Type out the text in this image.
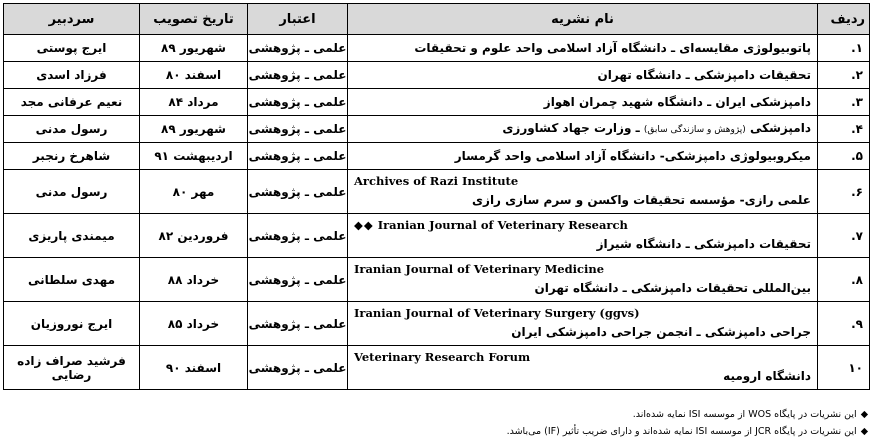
ردیف	نام نشریه	اعتبار	تاریخ تصویب	سردبیر
۱.	پاتوبیولوژی مقایسه‌ای ـ دانشگاه آزاد اسلامی واحد علوم و تحقیقات	علمی ـ پژوهشی	شهریور ۸۹	ایرج پوستی
۲.	تحقیقات دامپزشکی ـ دانشگاه تهران	علمی ـ پژوهشی	اسفند ۸۰	فرزاد اسدی
۳.	دامپزشکی ایران ـ دانشگاه شهید چمران اهواز	علمی ـ پژوهشی	مرداد ۸۴	نعیم عرفانی مجد
۴.	دامپزشکی (پژوهش و سازندگی سابق) ـ وزارت جهاد کشاورزی	علمی ـ پژوهشی	شهریور ۸۹	رسول مدنی
۵.	میکروبیولوژی دامپزشکی- دانشگاه آزاد اسلامی واحد گرمسار	علمی ـ پژوهشی	اردیبهشت ۹۱	شاهرخ رنجبر
۶.	Archives of Razi Institute
علمی رازی- مؤسسه تحقیقات واکسن و سرم سازی رازی	علمی ـ پژوهشی	مهر ۸۰	رسول مدنی
۷.	◆◆ Iranian Journal of Veterinary Research
تحقیقات دامپزشکی ـ دانشگاه شیراز	علمی ـ پژوهشی	فروردین ۸۲	میمندی پاریزی
۸.	Iranian Journal of Veterinary Medicine
بین‌المللی تحقیقات دامپزشکی ـ دانشگاه تهران	علمی ـ پژوهشی	خرداد ۸۸	مهدی سلطانی
۹.	Iranian Journal of Veterinary Surgery (ggvs)
جراحی دامپزشکی ـ انجمن جراحی دامپزشکی ایران	علمی ـ پژوهشی	خرداد ۸۵	ایرج نوروزیان
۱۰	Veterinary Research Forum
دانشگاه ارومیه	علمی ـ پژوهشی	اسفند ۹۰	فرشید صراف زاده رضایی
◆این نشریات در پایگاه WOS از موسسه ISI نمایه شده‌اند.
◆این نشریات در پایگاه JCR از موسسه ISI نمایه شده‌اند و دارای ضریب تأثیر (IF) می‌باشد.
